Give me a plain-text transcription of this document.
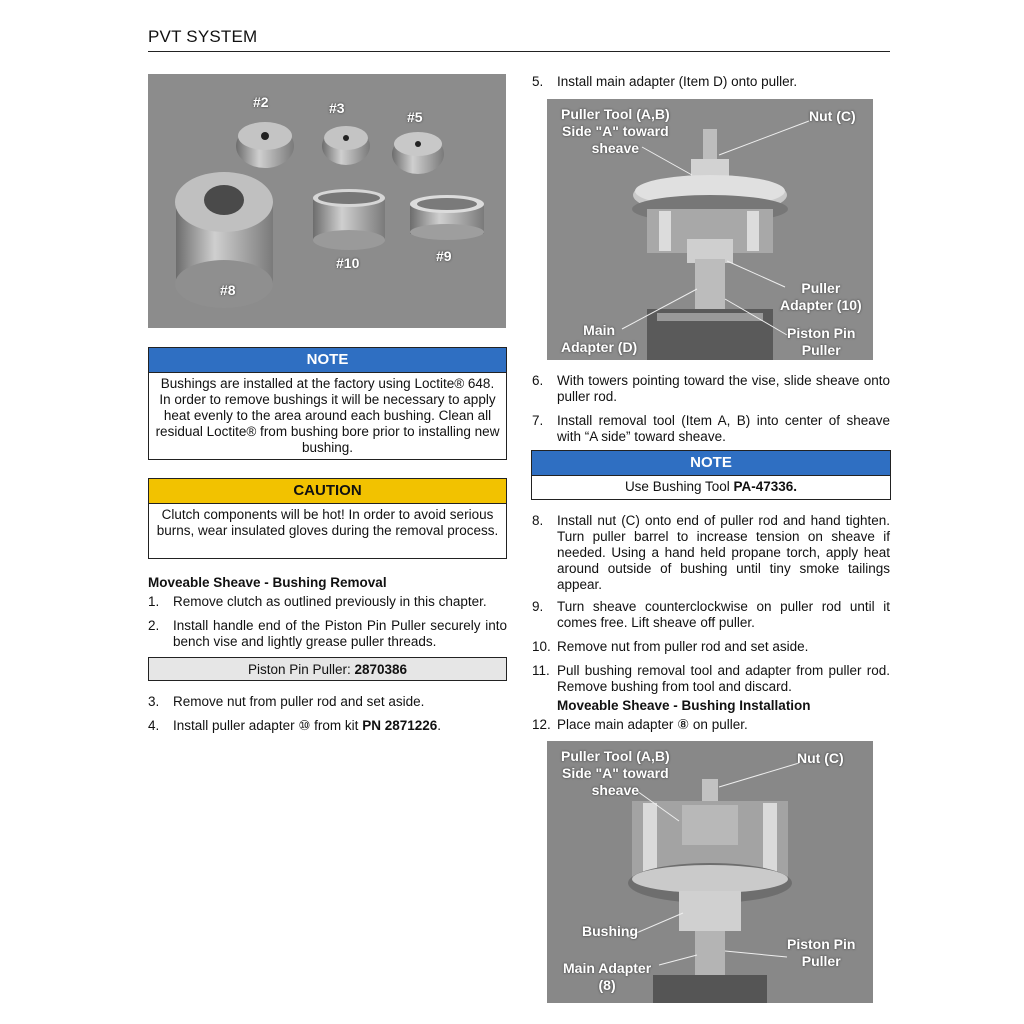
PVT SYSTEM
#2	#3
#5
#10	#9
#8
NOTE
Bushings are installed at the factory using Loctite® 648. In order to remove bushings it will be necessary to apply heat evenly to the area around each bushing. Clean all residual Loctite® from bushing bore prior to installing new bushing.
CAUTION
Clutch components will be hot! In order to avoid serious burns, wear insulated gloves during the removal process.
Moveable Sheave - Bushing Removal
1.	Remove clutch as outlined previously in this chapter.
2.	Install handle end of the Piston Pin Puller securely into bench vise and lightly grease puller threads.
Piston Pin Puller: 2870386
3.	Remove nut from puller rod and set aside.
4.	Install puller adapter ⑩ from kit PN 2871226.
5.	Install main adapter (Item D) onto puller.
Puller Tool (A,B)
Side "A" toward
sheave
Nut (C)
Puller
Adapter (10)
Main
Adapter (D)
Piston Pin
Puller
6.	With towers pointing toward the vise, slide sheave onto puller rod.
7.	Install removal tool (Item A, B) into center of sheave with “A side” toward sheave.
NOTE
Use Bushing Tool PA-47336.
8.	Install nut (C) onto end of puller rod and hand tighten. Turn puller barrel to increase tension on sheave if needed. Using a hand held propane torch, apply heat around outside of bushing until tiny smoke tailings appear.
9.	Turn sheave counterclockwise on puller rod until it comes free. Lift sheave off puller.
10. Remove nut from puller rod and set aside.
11. Pull bushing removal tool and adapter from puller rod. Remove bushing from tool and discard.
Moveable Sheave - Bushing Installation
12. Place main adapter ⑧ on puller.
Puller Tool (A,B)
Side "A" toward
sheave
Nut (C)
Bushing
Piston Pin
Puller
Main Adapter
(8)
